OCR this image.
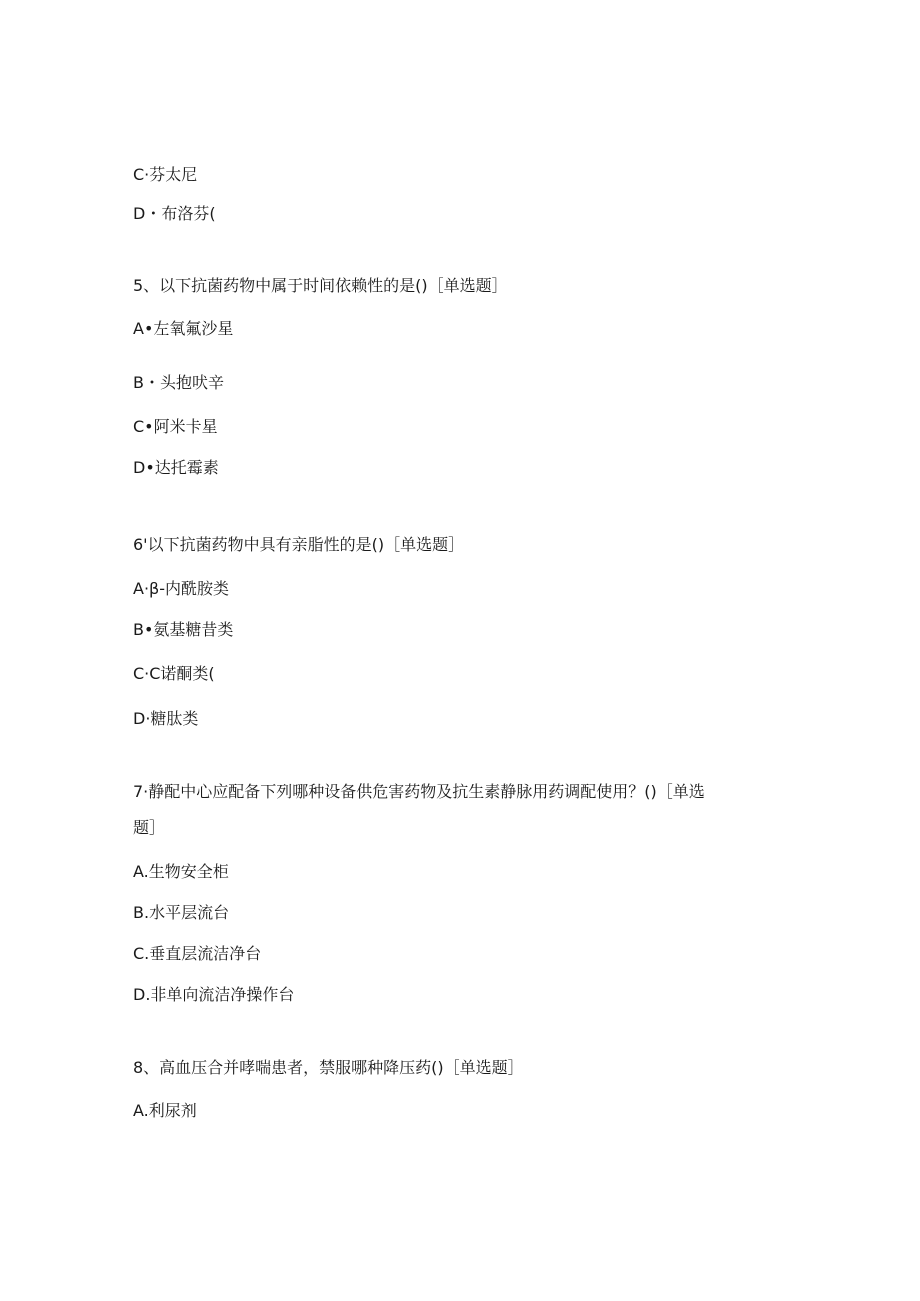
C·芬太尼
D・布洛芬(
5、以下抗菌药物中属于时间依赖性的是()［单选题］
A•左氧氟沙星
B・头抱吠辛
C•阿米卡星
D•达托霉素
6'以下抗菌药物中具有亲脂性的是()［单选题］
A·β-内酰胺类
B•氨基糖昔类
C·C诺酮类(
D·糖肽类
7·静配中心应配备下列哪种设备供危害药物及抗生素静脉用药调配使用？()［单选
题］
A.生物安全柜
B.水平层流台
C.垂直层流洁净台
D.非单向流洁净操作台
8、高血压合并哮喘患者，禁服哪种降压药()［单选题］
A.利尿剂
